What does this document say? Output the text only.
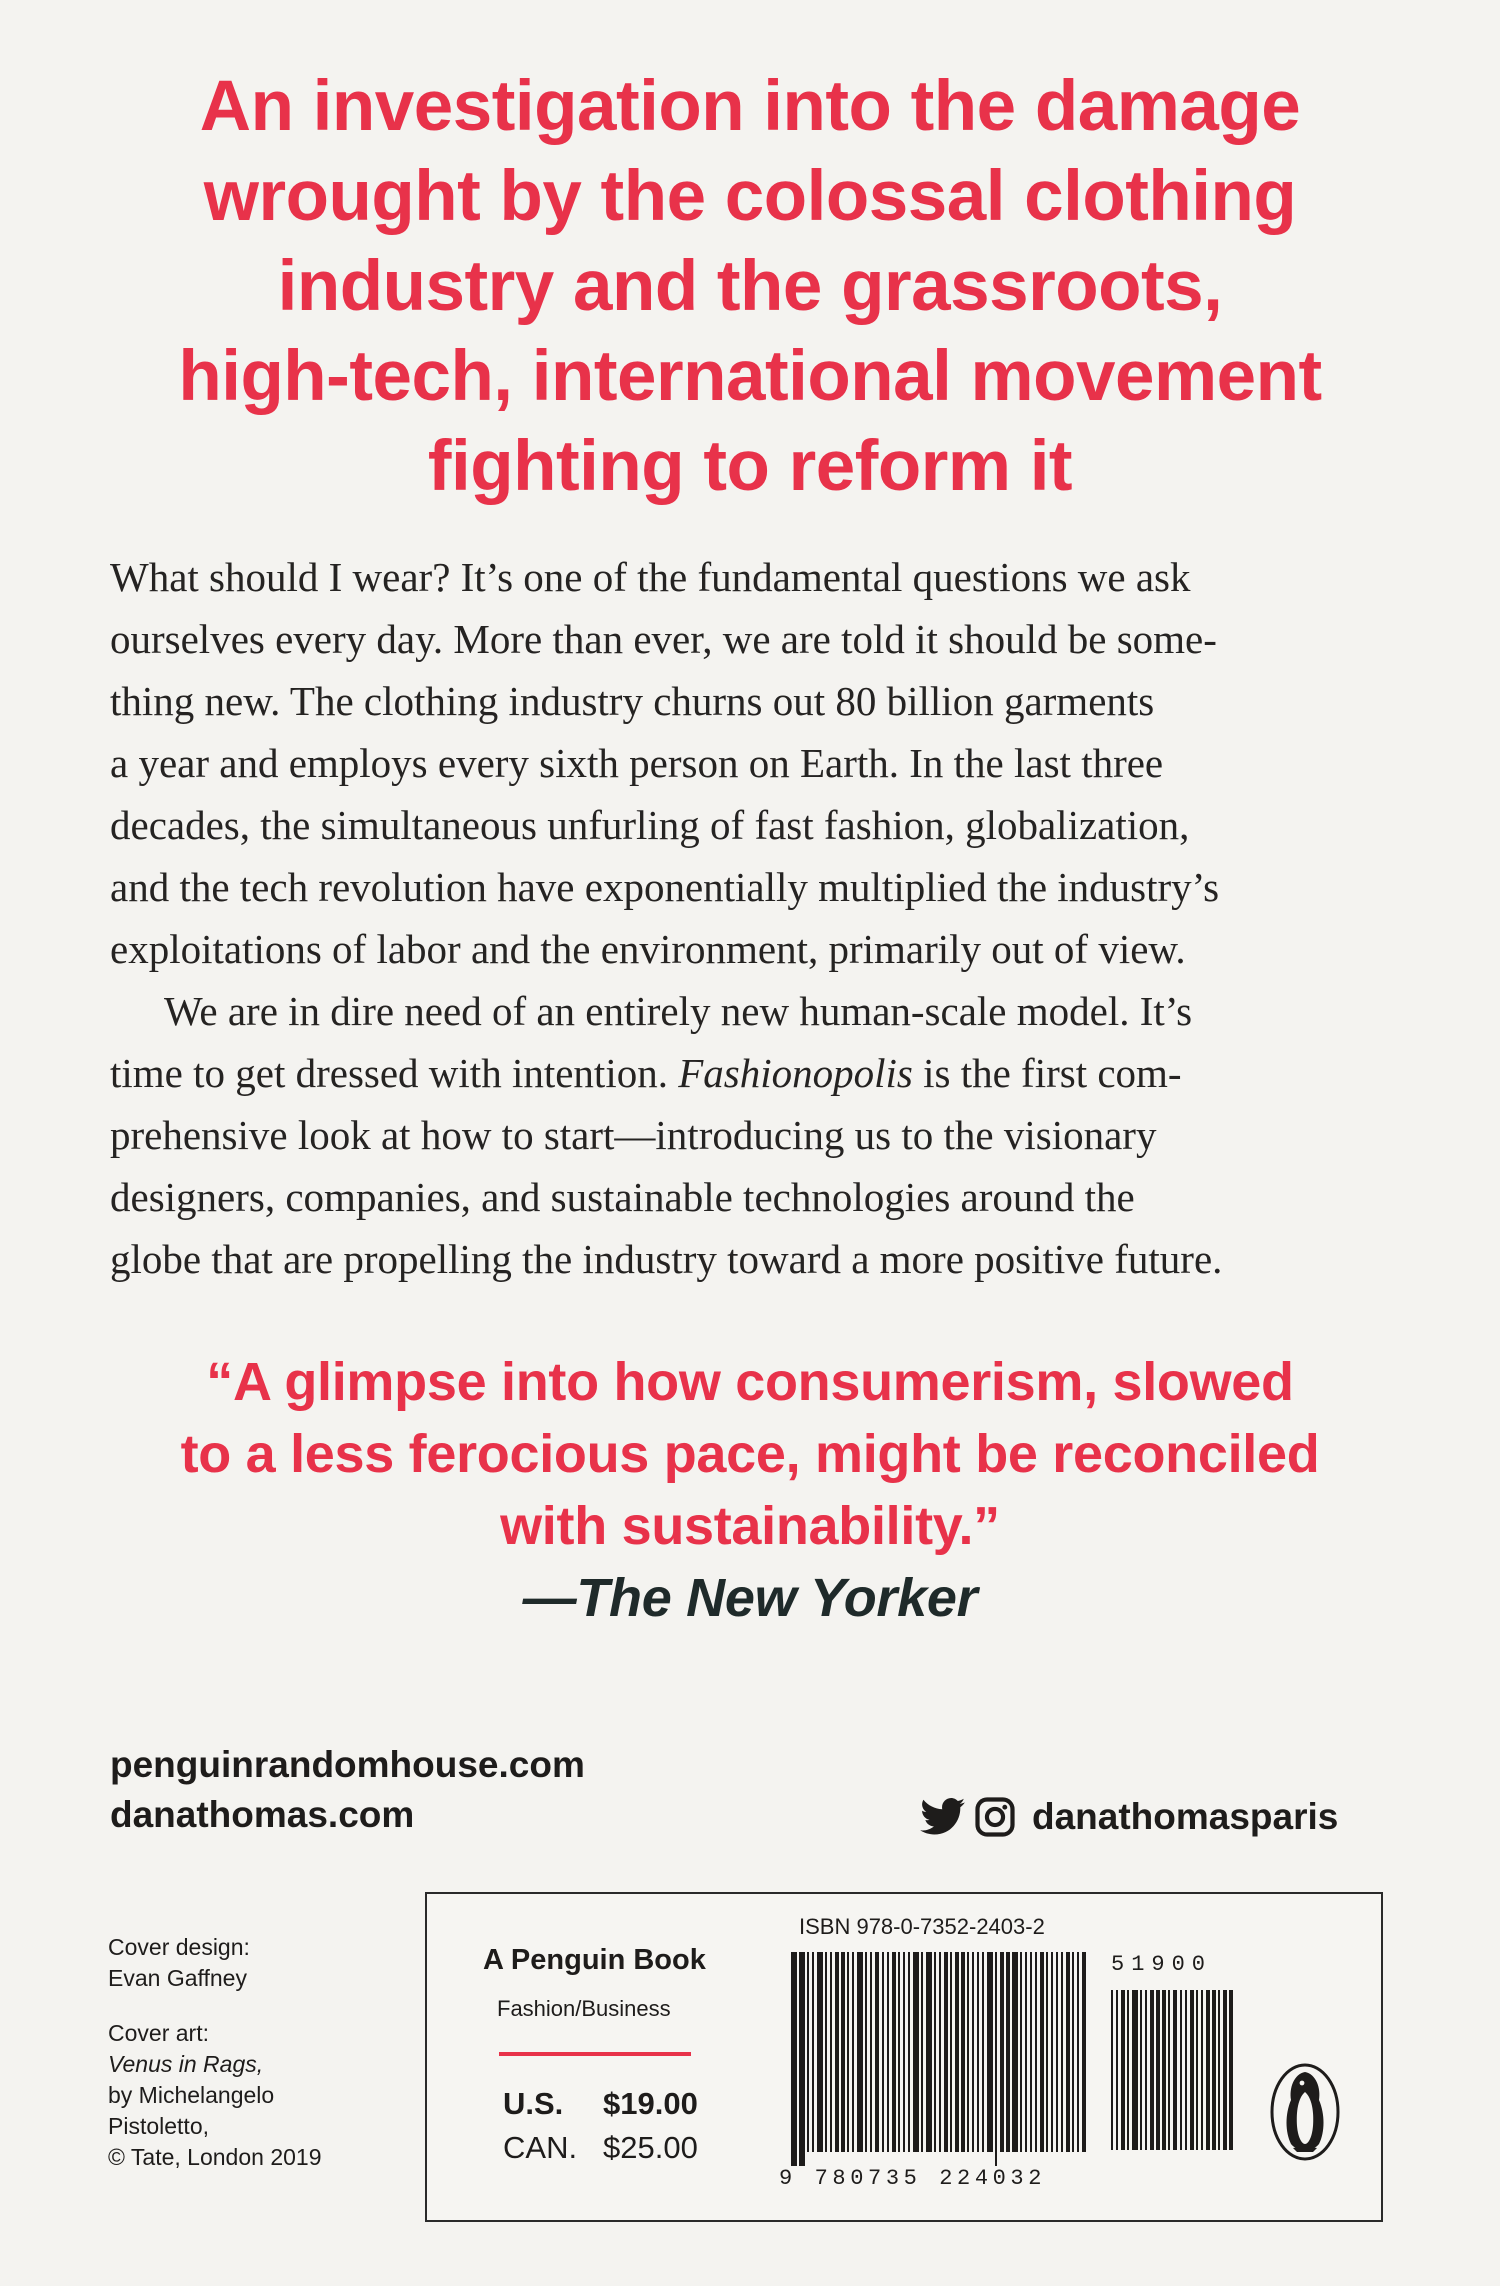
An investigation into the damage
wrought by the colossal clothing
industry and the grassroots,
high-tech, international movement
fighting to reform it
What should I wear? It’s one of the fundamental questions we ask
ourselves every day. More than ever, we are told it should be some-
thing new. The clothing industry churns out 80 billion garments
a year and employs every sixth person on Earth. In the last three
decades, the simultaneous unfurling of fast fashion, globalization,
and the tech revolution have exponentially multiplied the industry’s
exploitations of labor and the environment, primarily out of view.
We are in dire need of an entirely new human-scale model. It’s
time to get dressed with intention. Fashionopolis is the first com-
prehensive look at how to start—introducing us to the visionary
designers, companies, and sustainable technologies around the
globe that are propelling the industry toward a more positive future.
“A glimpse into how consumerism, slowed
to a less ferocious pace, might be reconciled
with sustainability.”
—The New Yorker
penguinrandomhouse.com
danathomas.com	danathomasparis
Cover design:
Evan Gaffney
Cover art:
Venus in Rags,
by Michelangelo
Pistoletto,
© Tate, London 2019
A Penguin Book
Fashion/Business
U.S. $19.00
CAN. $25.00
ISBN 978-0-7352-2403-2
51900
9 780735 224032
